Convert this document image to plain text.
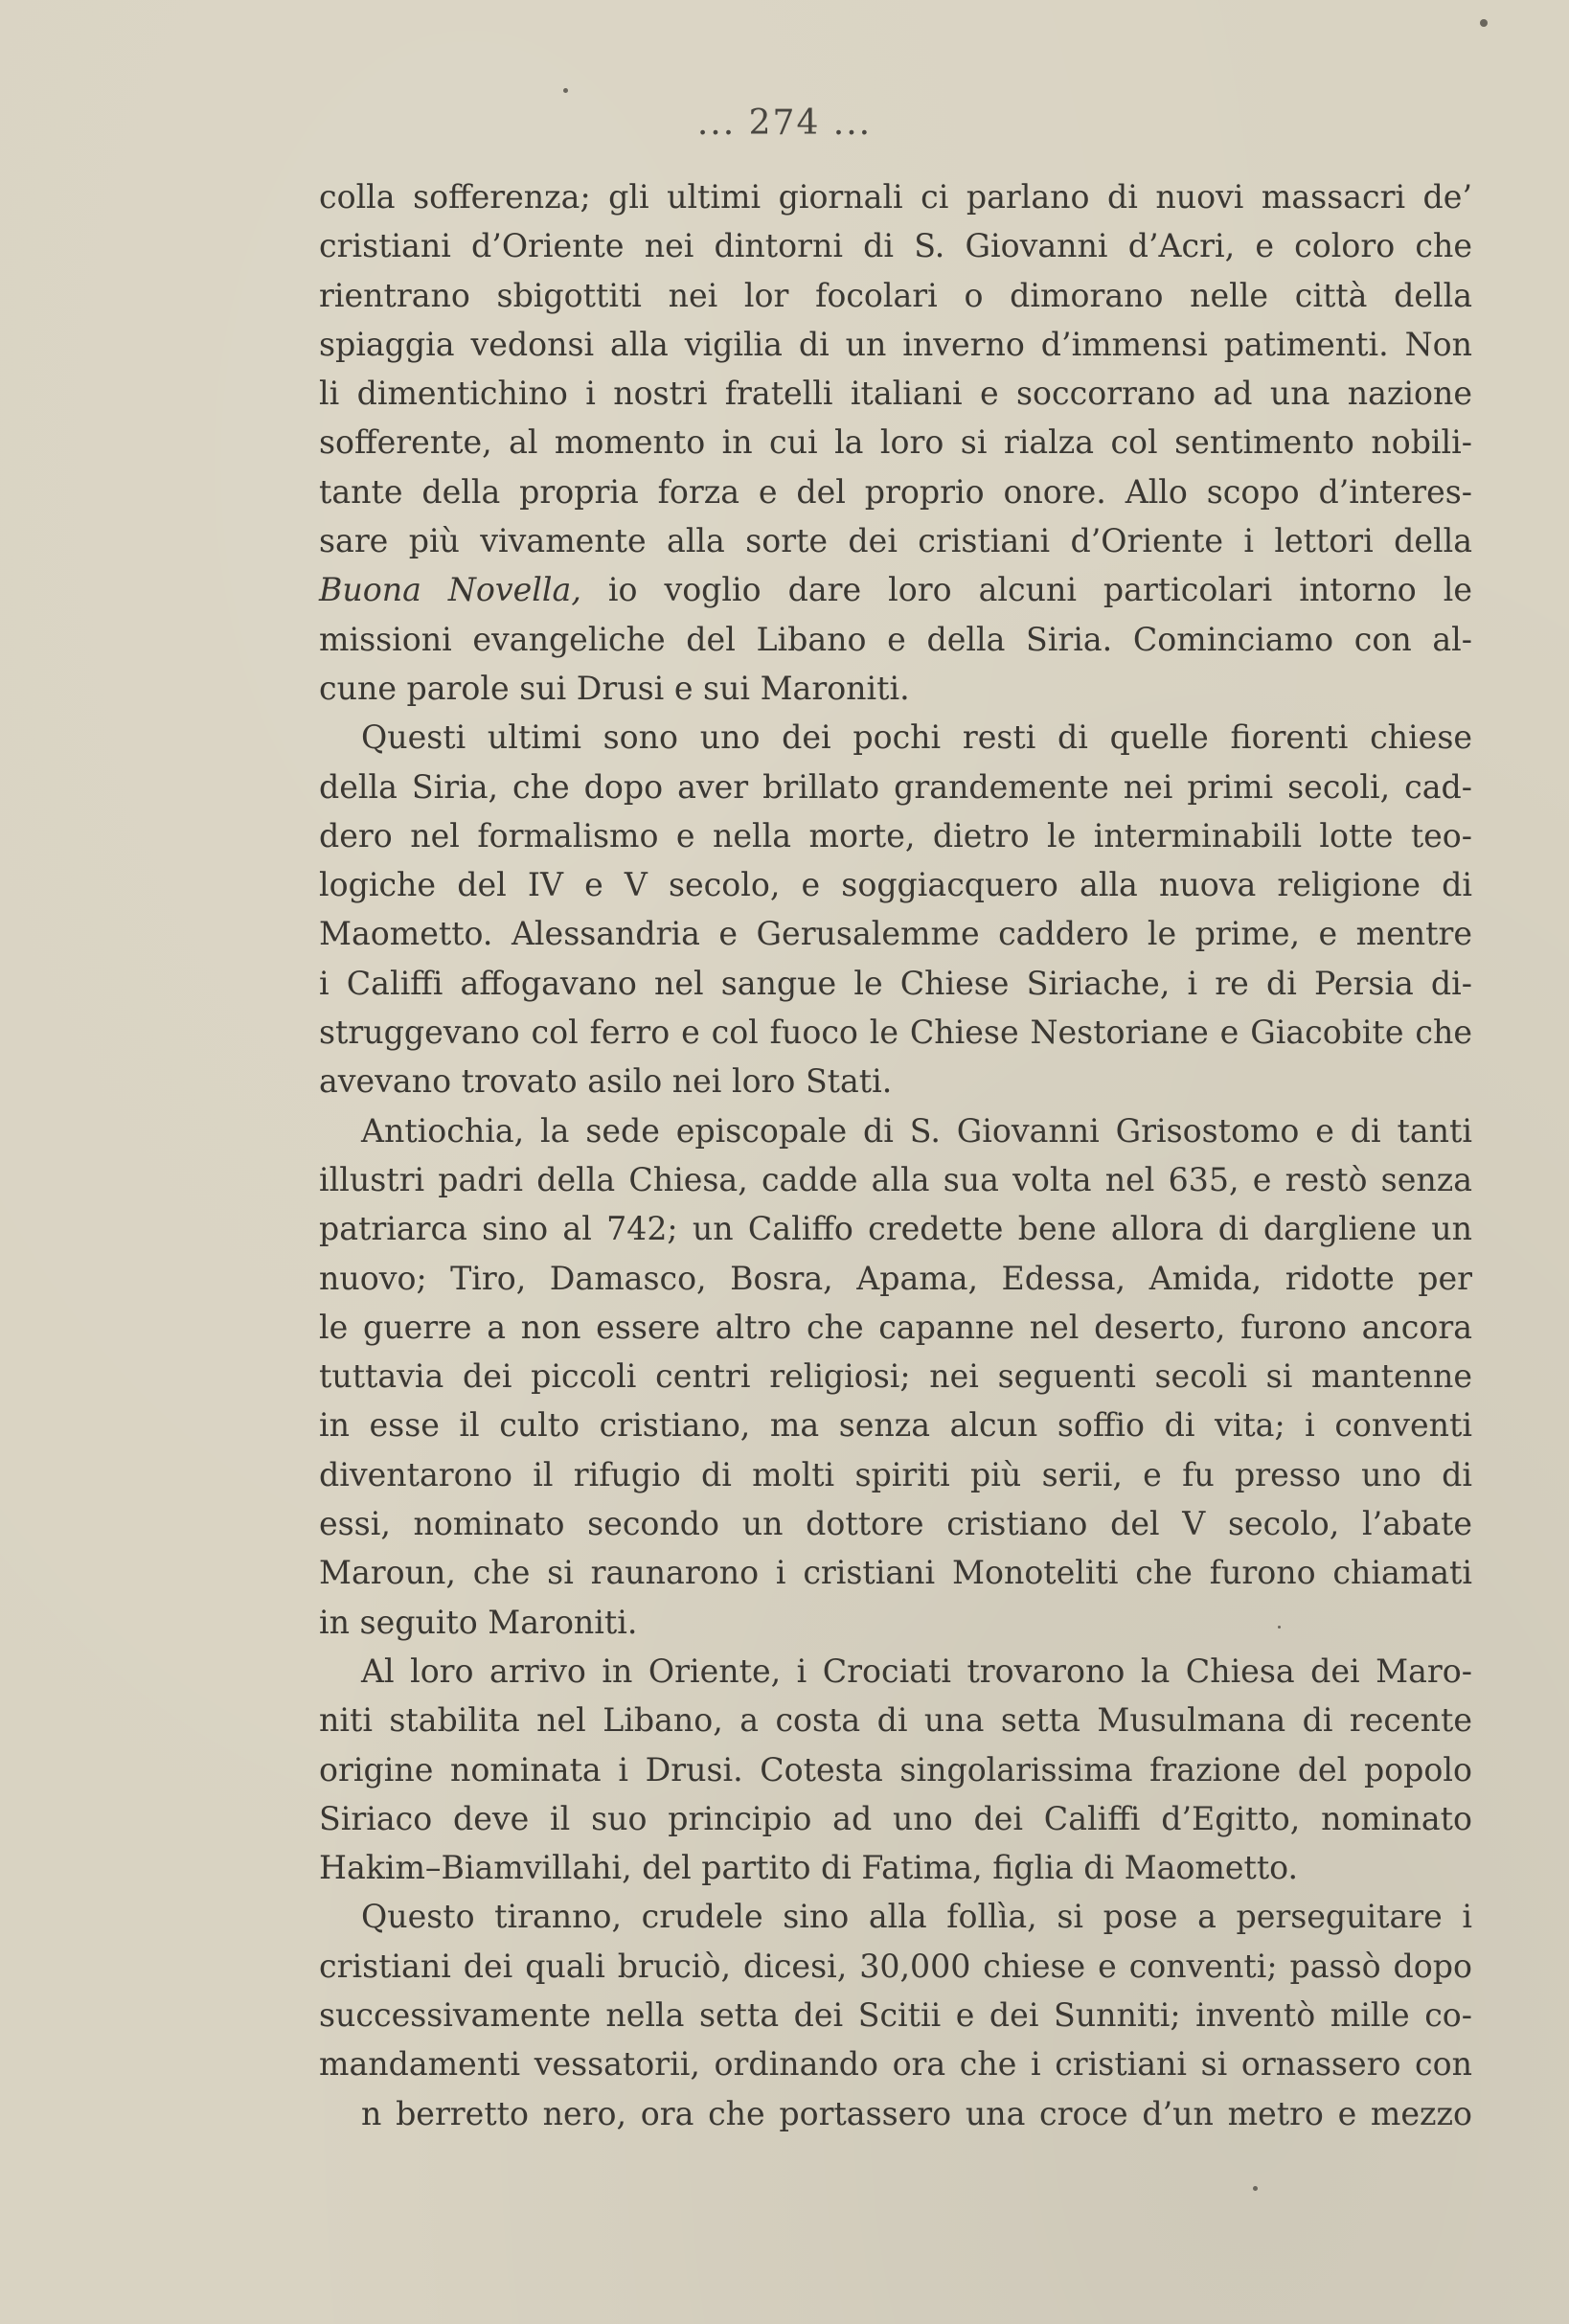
... 274 ...
colla sofferenza; gli ultimi giornali ci parlano di nuovi massacri de’
cristiani d’Oriente nei dintorni di S. Giovanni d’Acri, e coloro che
rientrano sbigottiti nei lor focolari o dimorano nelle città della
spiaggia vedonsi alla vigilia di un inverno d’immensi patimenti. Non
li dimentichino i nostri fratelli italiani e soccorrano ad una nazione
sofferente, al momento in cui la loro si rialza col sentimento nobili-
tante della propria forza e del proprio onore. Allo scopo d’interes-
sare più vivamente alla sorte dei cristiani d’Oriente i lettori della
Buona Novella, io voglio dare loro alcuni particolari intorno le
missioni evangeliche del Libano e della Siria. Cominciamo con al-
cune parole sui Drusi e sui Maroniti.
Questi ultimi sono uno dei pochi resti di quelle fiorenti chiese
della Siria, che dopo aver brillato grandemente nei primi secoli, cad-
dero nel formalismo e nella morte, dietro le interminabili lotte teo-
logiche del IV e V secolo, e soggiacquero alla nuova religione di
Maometto. Alessandria e Gerusalemme caddero le prime, e mentre
i Califfi affogavano nel sangue le Chiese Siriache, i re di Persia di-
struggevano col ferro e col fuoco le Chiese Nestoriane e Giacobite che
avevano trovato asilo nei loro Stati.
Antiochia, la sede episcopale di S. Giovanni Grisostomo e di tanti
illustri padri della Chiesa, cadde alla sua volta nel 635, e restò senza
patriarca sino al 742; un Califfo credette bene allora di dargliene un
nuovo; Tiro, Damasco, Bosra, Apama, Edessa, Amida, ridotte per
le guerre a non essere altro che capanne nel deserto, furono ancora
tuttavia dei piccoli centri religiosi; nei seguenti secoli si mantenne
in esse il culto cristiano, ma senza alcun soffio di vita; i conventi
diventarono il rifugio di molti spiriti più serii, e fu presso uno di
essi, nominato secondo un dottore cristiano del V secolo, l’abate
Maroun, che si raunarono i cristiani Monoteliti che furono chiamati
in seguito Maroniti.
Al loro arrivo in Oriente, i Crociati trovarono la Chiesa dei Maro-
niti stabilita nel Libano, a costa di una setta Musulmana di recente
origine nominata i Drusi. Cotesta singolarissima frazione del popolo
Siriaco deve il suo principio ad uno dei Califfi d’Egitto, nominato
Hakim–Biamvillahi, del partito di Fatima, figlia di Maometto.
Questo tiranno, crudele sino alla follìa, si pose a perseguitare i
cristiani dei quali bruciò, dicesi, 30,000 chiese e conventi; passò dopo
successivamente nella setta dei Scitii e dei Sunniti; inventò mille co-
mandamenti vessatorii, ordinando ora che i cristiani si ornassero con
n berretto nero, ora che portassero una croce d’un metro e mezzo
